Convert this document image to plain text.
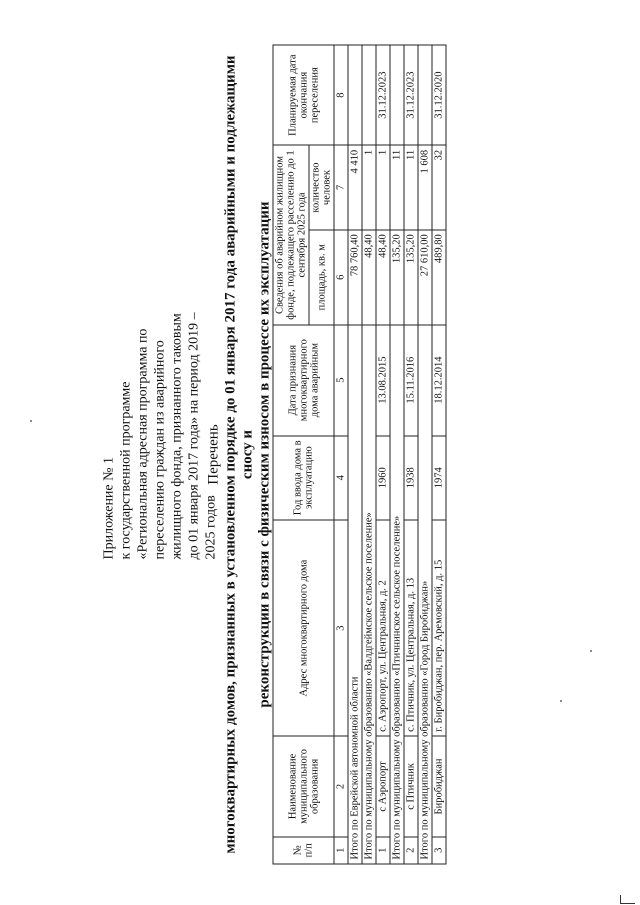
Приложение № 1 к государственной программе «Региональная адресная программа по переселению граждан из аварийного жилищного фонда, признанного таковым до 01 января 2017 года» на период 2019 – 2025 годов
Перечень многоквартирных домов, признанных в установленном порядке до 01 января 2017 года аварийными и подлежащими сносу и реконструкции в связи с физическим износом в процессе их эксплуатации
№ п/п	Наименование муниципального образования	Адрес многоквартирного дома	Год ввода дома в эксплуатацию	Дата признания многоквартирного дома аварийным	Сведения об аварийном жилищном фонде, подлежащего расселению до 1 сентября 2025 года		Планируемая дата окончания переселения
					площадь, кв. м	количество человек	
1	2	3	4	5	6	7	8
Итого по Еврейской автономной области					78 760,40	4 410	
Итого по муниципальному образованию «Валдгеймское сельское поселение»					48,40	1	
1	с Аэропорт	с. Аэропорт, ул. Центральная, д. 2	1960	13.08.2015	48,40	1	31.12.2023
Итого по муниципальному образованию «Птичнинское сельское поселение»					135,20	11	
2	с Птичник	с. Птичник, ул. Центральная, д. 13	1938	15.11.2016	135,20	11	31.12.2023
Итого по муниципальному образованию «Город Биробиджан»					27 610,00	1 608	
3	Биробиджан	г. Биробиджан, пер. Аремовский, д. 15	1974	18.12.2014	489,80	32	31.12.2020
